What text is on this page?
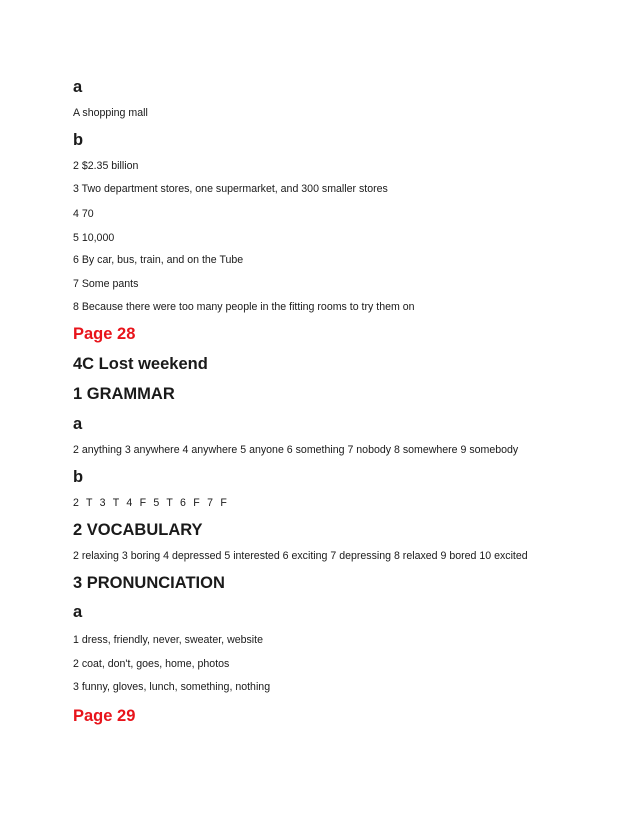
a
A shopping mall
b
2 $2.35 billion
3 Two department stores, one supermarket, and 300 smaller stores
4 70
5 10,000
6 By car, bus, train, and on the Tube
7 Some pants
8 Because there were too many people in the fitting rooms to try them on
Page 28
4C Lost weekend
1 GRAMMAR
a
2 anything 3 anywhere 4 anywhere 5 anyone 6 something 7 nobody 8 somewhere 9 somebody
b
2 T 3 T 4 F 5 T 6 F 7 F
2 VOCABULARY
2 relaxing 3 boring 4 depressed 5 interested 6 exciting 7 depressing 8 relaxed 9 bored 10 excited
3 PRONUNCIATION
a
1 dress, friendly, never, sweater, website
2 coat, don't, goes, home, photos
3 funny, gloves, lunch, something, nothing
Page 29
